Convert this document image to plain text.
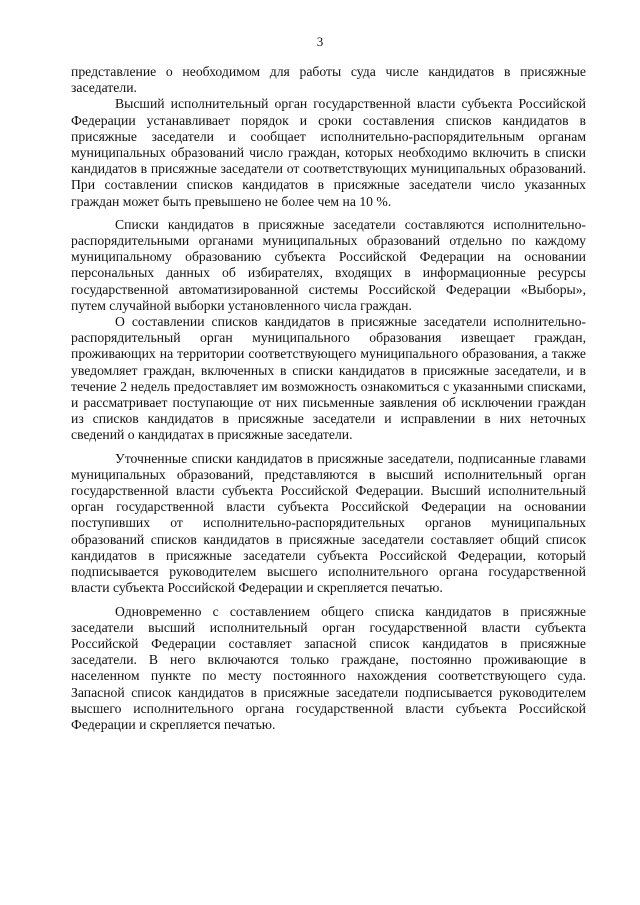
3

представление о необходимом для работы суда числе кандидатов в присяжные заседатели.

Высший исполнительный орган государственной власти субъекта Российской Федерации устанавливает порядок и сроки составления списков кандидатов в присяжные заседатели и сообщает исполнительно-распорядительным органам муниципальных образований число граждан, которых необходимо включить в списки кандидатов в присяжные заседатели от соответствующих муниципальных образований. При составлении списков кандидатов в присяжные заседатели число указанных граждан может быть превышено не более чем на 10 %.

Списки кандидатов в присяжные заседатели составляются исполнительно-распорядительными органами муниципальных образований отдельно по каждому муниципальному образованию субъекта Российской Федерации на основании персональных данных об избирателях, входящих в информационные ресурсы государственной автоматизированной системы Российской Федерации «Выборы», путем случайной выборки установленного числа граждан.

О составлении списков кандидатов в присяжные заседатели исполнительно-распорядительный орган муниципального образования извещает граждан, проживающих на территории соответствующего муниципального образования, а также уведомляет граждан, включенных в списки кандидатов в присяжные заседатели, и в течение 2 недель предоставляет им возможность ознакомиться с указанными списками, и рассматривает поступающие от них письменные заявления об исключении граждан из списков кандидатов в присяжные заседатели и исправлении в них неточных сведений о кандидатах в присяжные заседатели.

Уточненные списки кандидатов в присяжные заседатели, подписанные главами муниципальных образований, представляются в высший исполнительный орган государственной власти субъекта Российской Федерации. Высший исполнительный орган государственной власти субъекта Российской Федерации на основании поступивших от исполнительно-распорядительных органов муниципальных образований списков кандидатов в присяжные заседатели составляет общий список кандидатов в присяжные заседатели субъекта Российской Федерации, который подписывается руководителем высшего исполнительного органа государственной власти субъекта Российской Федерации и скрепляется печатью.

Одновременно с составлением общего списка кандидатов в присяжные заседатели высший исполнительный орган государственной власти субъекта Российской Федерации составляет запасной список кандидатов в присяжные заседатели. В него включаются только граждане, постоянно проживающие в населенном пункте по месту постоянного нахождения соответствующего суда. Запасной список кандидатов в присяжные заседатели подписывается руководителем высшего исполнительного органа государственной власти субъекта Российской Федерации и скрепляется печатью.
